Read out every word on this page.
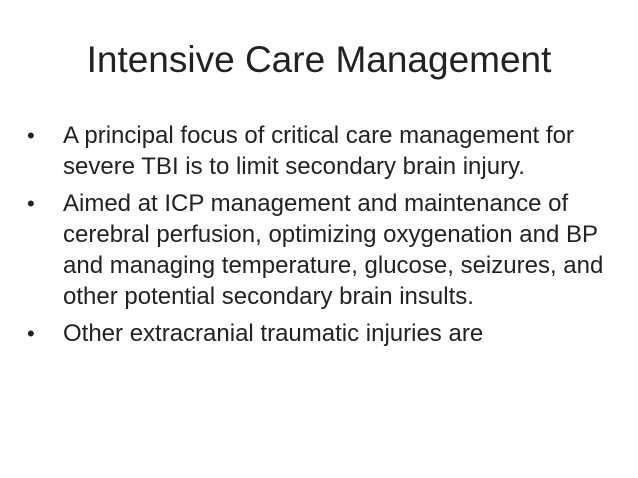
Intensive Care Management
• A principal focus of critical care management for severe TBI is to limit secondary brain injury.
• Aimed at ICP management and maintenance of cerebral perfusion, optimizing oxygenation and BP and managing temperature, glucose, seizures, and other potential secondary brain insults.
• Other extracranial traumatic injuries are
